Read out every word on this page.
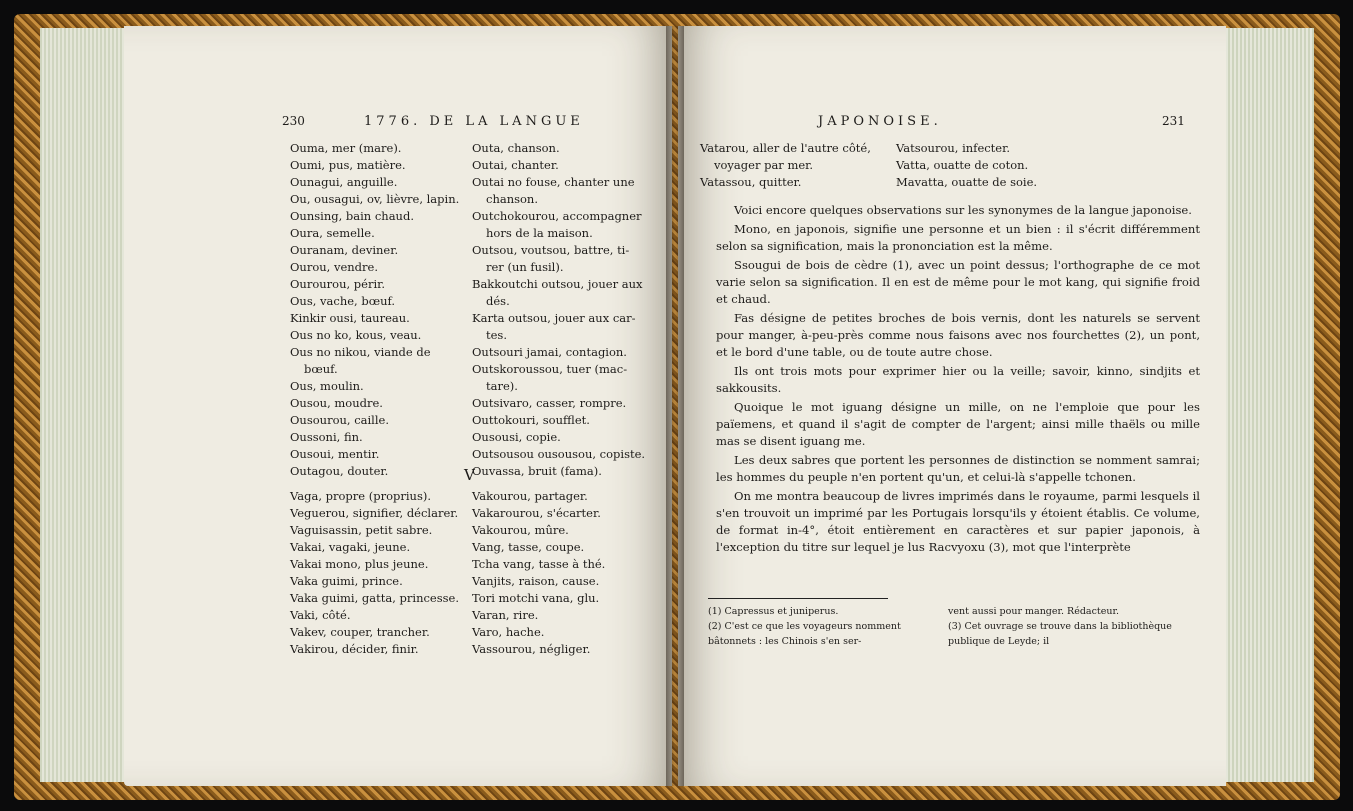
230	1776. DE LA LANGUE
Ouma, mer (mare).
Oumi, pus, matière.
Ounagui, anguille.
Ou, ousagui, ov, lièvre, lapin.
Ounsing, bain chaud.
Oura, semelle.
Ouranam, deviner.
Ourou, vendre.
Ourourou, périr.
Ous, vache, bœuf.
Kinkir ousi, taureau.
Ous no ko, kous, veau.
Ous no nikou, viande de
bœuf.
Ous, moulin.
Ousou, moudre.
Ousourou, caille.
Oussoni, fin.
Ousoui, mentir.
Outagou, douter.
Outa, chanson.
Outai, chanter.
Outai no fouse, chanter une
chanson.
Outchokourou, accompagner
hors de la maison.
Outsou, voutsou, battre, ti-
rer (un fusil).
Bakkoutchi outsou, jouer aux
dés.
Karta outsou, jouer aux car-
tes.
Outsouri jamai, contagion.
Outskoroussou, tuer (mac-
tare).
Outsivaro, casser, rompre.
Outtokouri, soufflet.
Ousousi, copie.
Outsousou ousousou, copiste.
Ouvassa, bruit (fama).
V
Vaga, propre (proprius).
Veguerou, signifier, déclarer.
Vaguisassin, petit sabre.
Vakai, vagaki, jeune.
Vakai mono, plus jeune.
Vaka guimi, prince.
Vaka guimi, gatta, princesse.
Vaki, côté.
Vakev, couper, trancher.
Vakirou, décider, finir.
Vakourou, partager.
Vakarourou, s'écarter.
Vakourou, mûre.
Vang, tasse, coupe.
Tcha vang, tasse à thé.
Vanjits, raison, cause.
Tori motchi vana, glu.
Varan, rire.
Varo, hache.
Vassourou, négliger.
JAPONOISE.	231
Vatarou, aller de l'autre côté,
voyager par mer.
Vatassou, quitter.
Vatsourou, infecter.
Vatta, ouatte de coton.
Mavatta, ouatte de soie.
Voici encore quelques observations sur les synonymes de la langue japonoise.
Mono, en japonois, signifie une personne et un bien : il s'écrit différemment selon sa signification, mais la prononciation est la même.
Ssougui de bois de cèdre (1), avec un point dessus; l'orthographe de ce mot varie selon sa signification. Il en est de même pour le mot kang, qui signifie froid et chaud.
Fas désigne de petites broches de bois vernis, dont les naturels se servent pour manger, à-peu-près comme nous faisons avec nos fourchettes (2), un pont, et le bord d'une table, ou de toute autre chose.
Ils ont trois mots pour exprimer hier ou la veille; savoir, kinno, sindjits et sakkousits.
Quoique le mot iguang désigne un mille, on ne l'emploie que pour les païemens, et quand il s'agit de compter de l'argent; ainsi mille thaëls ou mille mas se disent iguang me.
Les deux sabres que portent les personnes de distinction se nomment samrai; les hommes du peuple n'en portent qu'un, et celui-là s'appelle tchonen.
On me montra beaucoup de livres imprimés dans le royaume, parmi lesquels il s'en trouvoit un imprimé par les Portugais lorsqu'ils y étoient établis. Ce volume, de format in-4°, étoit entièrement en caractères et sur papier japonois, à l'exception du titre sur lequel je lus Racvyoxu (3), mot que l'interprète
(1) Capressus et juniperus.
(2) C'est ce que les voyageurs nomment bâtonnets : les Chinois s'en ser-
vent aussi pour manger. Rédacteur.
(3) Cet ouvrage se trouve dans la bibliothèque publique de Leyde; il
